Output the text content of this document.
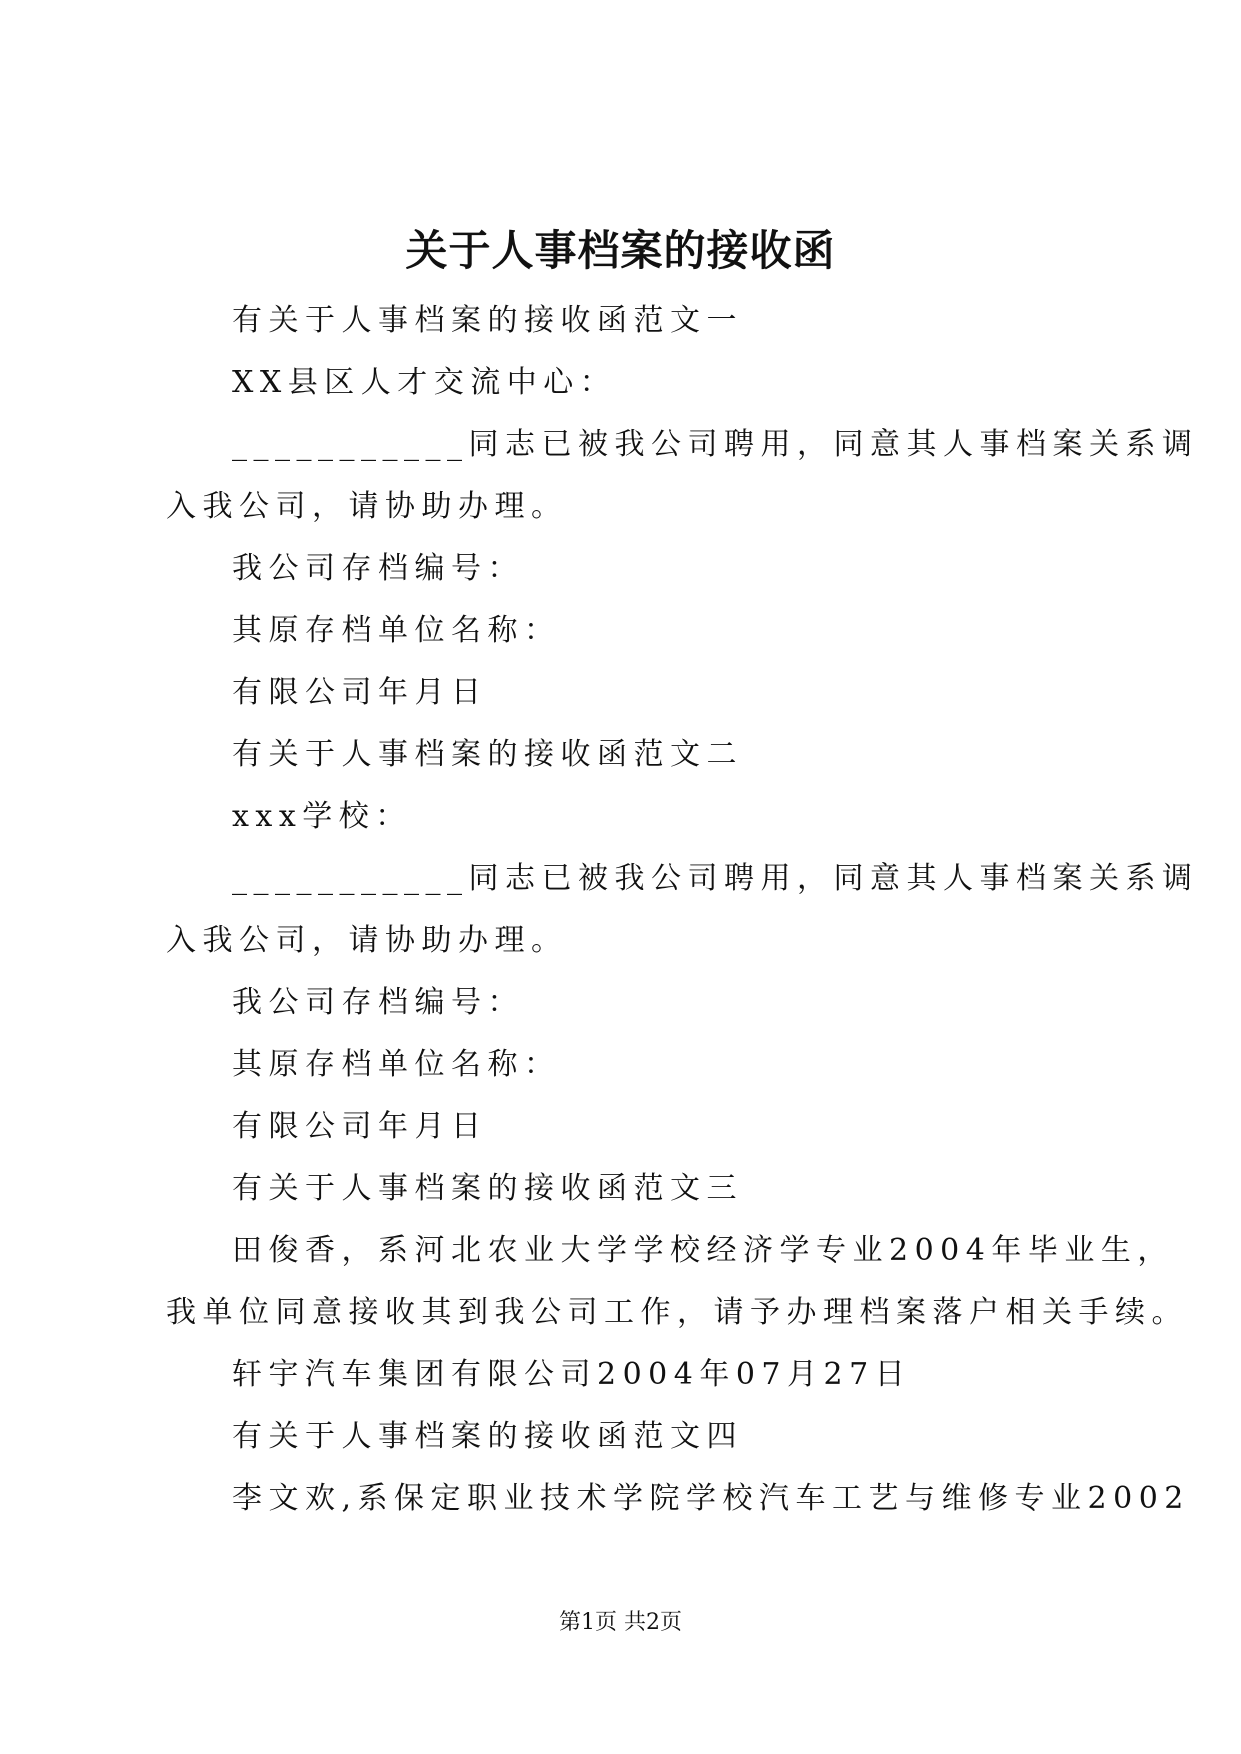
关于人事档案的接收函
有关于人事档案的接收函范文一
XX县区人才交流中心：
___________同志已被我公司聘用，同意其人事档案关系调
入我公司，请协助办理。
我公司存档编号：
其原存档单位名称：
有限公司年月日
有关于人事档案的接收函范文二
xxx学校：
___________同志已被我公司聘用，同意其人事档案关系调
入我公司，请协助办理。
我公司存档编号：
其原存档单位名称：
有限公司年月日
有关于人事档案的接收函范文三
田俊香，系河北农业大学学校经济学专业2004年毕业生，
我单位同意接收其到我公司工作，请予办理档案落户相关手续。
轩宇汽车集团有限公司2004年07月27日
有关于人事档案的接收函范文四
李文欢,系保定职业技术学院学校汽车工艺与维修专业2002
第1页 共2页
